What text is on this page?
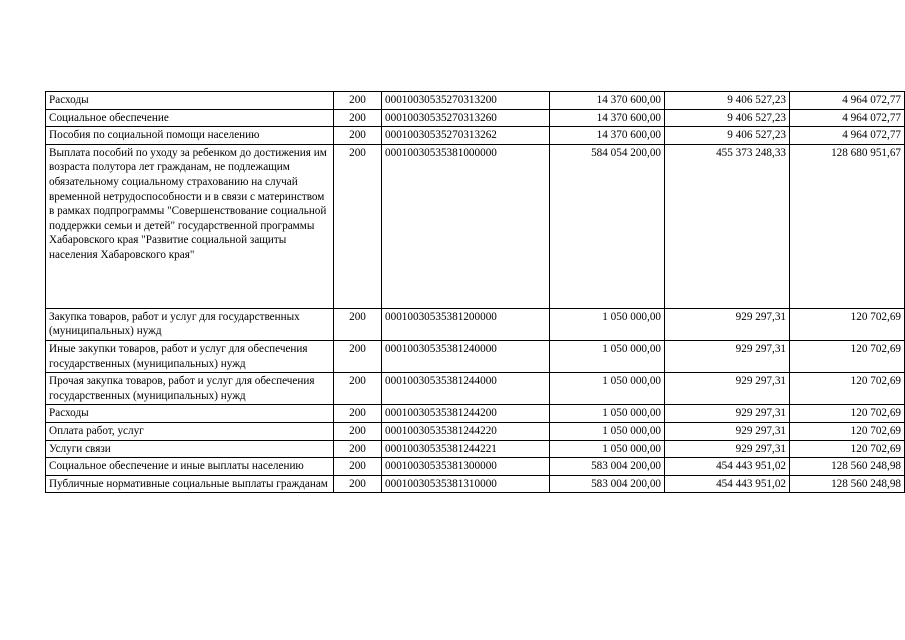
Расходы	200	00010030535270313200	14 370 600,00	9 406 527,23	4 964 072,77
Социальное обеспечение	200	00010030535270313260	14 370 600,00	9 406 527,23	4 964 072,77
Пособия по социальной помощи населению	200	00010030535270313262	14 370 600,00	9 406 527,23	4 964 072,77
Выплата пособий по уходу за ребенком до достижения им возраста полутора лет гражданам, не подлежащим обязательному социальному страхованию на случай временной нетрудоспособности и в связи с материнством в рамках подпрограммы "Совершенствование социальной поддержки семьи и детей" государственной программы Хабаровского края "Развитие социальной защиты населения Хабаровского края"	200	00010030535381000000	584 054 200,00	455 373 248,33	128 680 951,67
Закупка товаров, работ и услуг для государственных (муниципальных) нужд	200	00010030535381200000	1 050 000,00	929 297,31	120 702,69
Иные закупки товаров, работ и услуг для обеспечения государственных (муниципальных) нужд	200	00010030535381240000	1 050 000,00	929 297,31	120 702,69
Прочая закупка товаров, работ и услуг для обеспечения государственных (муниципальных) нужд	200	00010030535381244000	1 050 000,00	929 297,31	120 702,69
Расходы	200	00010030535381244200	1 050 000,00	929 297,31	120 702,69
Оплата работ, услуг	200	00010030535381244220	1 050 000,00	929 297,31	120 702,69
Услуги связи	200	00010030535381244221	1 050 000,00	929 297,31	120 702,69
Социальное обеспечение и иные выплаты населению	200	00010030535381300000	583 004 200,00	454 443 951,02	128 560 248,98
Публичные нормативные социальные выплаты гражданам	200	00010030535381310000	583 004 200,00	454 443 951,02	128 560 248,98
